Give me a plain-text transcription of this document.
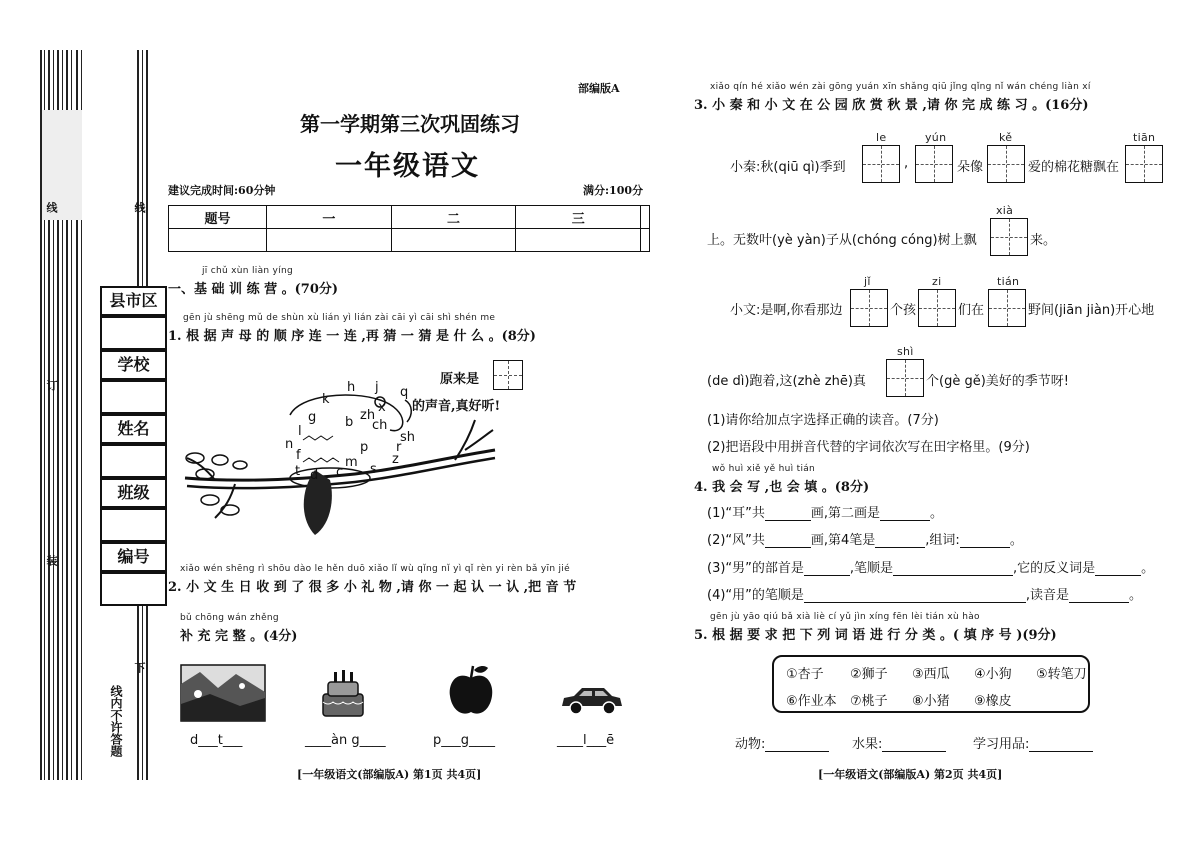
线
订
装
线
下
线内不许答题
县市区
学校
姓名
班级
编号
部编版A
第一学期第三次巩固练习
一年级语文
建议完成时间:60分钟	满分:100分
题号	一	二	三	

jī chǔ xùn liàn yíng
一、基 础 训 练 营 。(70分)
gēn jù shēng mǔ de shùn xù lián yì lián zài cāi yì cāi shì shén me
1. 根 据 声 母 的 顺 序 连 一 连 ,再 猜 一 猜 是 什 么 。(8分)
原来是
的声音,真好听!
k
h j q
x
g b zh
ch
l	sh
n	p r
f	m	z
t d c s
xiǎo wén shēng rì shōu dào le hěn duō xiǎo lǐ wù qǐng nǐ yì qǐ rèn yi rèn bǎ yīn jié
2. 小 文 生 日 收 到 了 很 多 小 礼 物 ,请 你 一 起 认 一 认 ,把 音 节
bǔ chōng wán zhěng
补 充 完 整 。(4分)
d___t___	____àn g____	p___g____	____l___ē
[一年级语文(部编版A) 第1页 共4页]
xiǎo qín hé xiǎo wén zài gōng yuán xīn shǎng qiū jǐng qǐng nǐ wán chéng liàn xí
3. 小 秦 和 小 文 在 公 园 欣 赏 秋 景 ,请 你 完 成 练 习 。(16分)
le	yún	kě	tiān
小秦:秋(qiū qì)季到	,	朵像	爱的棉花糖飘在
xià
上。无数叶(yè yàn)子从(chóng cóng)树上飘	来。
jǐ	zi	tián
小文:是啊,你看那边	个孩	们在	野间(jiān jiàn)开心地
shì
(de dì)跑着,这(zhè zhē)真	个(gè gě)美好的季节呀!
(1)请你给加点字选择正确的读音。(7分)
(2)把语段中用拼音代替的字词依次写在田字格里。(9分)
wǒ huì xiě yě huì tián
4. 我 会 写 ,也 会 填 。(8分)
(1)“耳”共	画,第二画是	。
(2)“风”共	画,第4笔是	,组词:	。
(3)“男”的部首是	,笔顺是	,它的反义词是	。
(4)“用”的笔顺是	,读音是	。
gēn jù yāo qiú bǎ xià liè cí yǔ jìn xíng fēn lèi tián xù hào
5. 根 据 要 求 把 下 列 词 语 进 行 分 类 。( 填 序 号 )(9分)
①杏子 ②狮子 ③西瓜 ④小狗 ⑤转笔刀
⑥作业本 ⑦桃子 ⑧小猪 ⑨橡皮
动物:	水果:	学习用品:
[一年级语文(部编版A) 第2页 共4页]
